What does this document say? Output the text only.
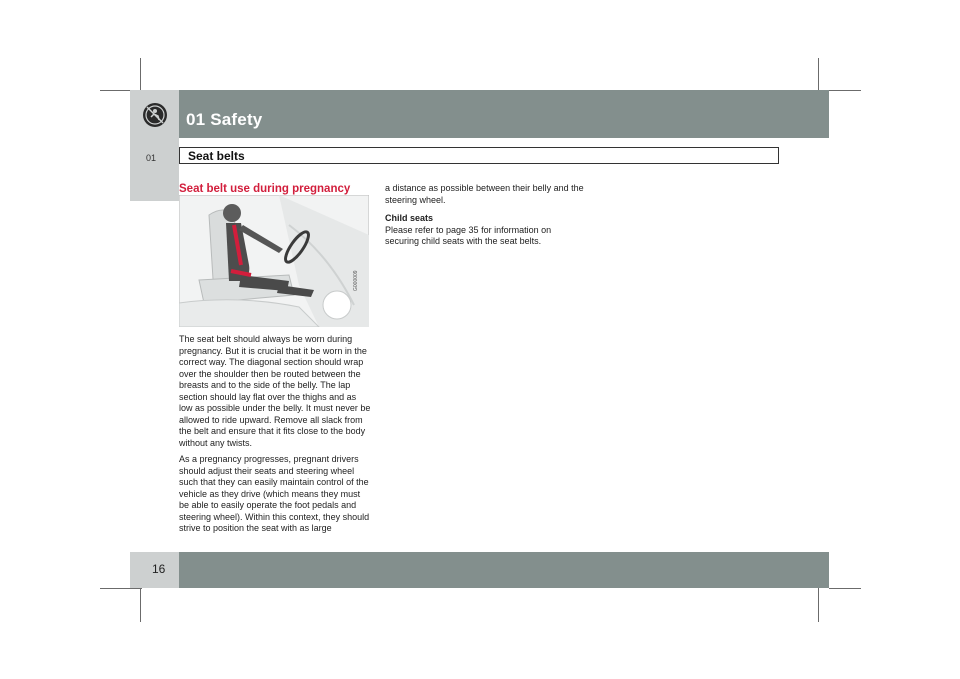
01 Safety
01	Seat belts
Seat belt use during pregnancy
G000009

The seat belt should always be worn during pregnancy. But it is crucial that it be worn in the correct way. The diagonal section should wrap over the shoulder then be routed between the breasts and to the side of the belly. The lap section should lay flat over the thighs and as low as possible under the belly. It must never be allowed to ride upward. Remove all slack from the belt and ensure that it fits close to the body without any twists.

As a pregnancy progresses, pregnant drivers should adjust their seats and steering wheel such that they can easily maintain control of the vehicle as they drive (which means they must be able to easily operate the foot pedals and steering wheel). Within this context, they should strive to position the seat with as large

a distance as possible between their belly and the steering wheel.

Child seats

Please refer to page 35 for information on securing child seats with the seat belts.

16
